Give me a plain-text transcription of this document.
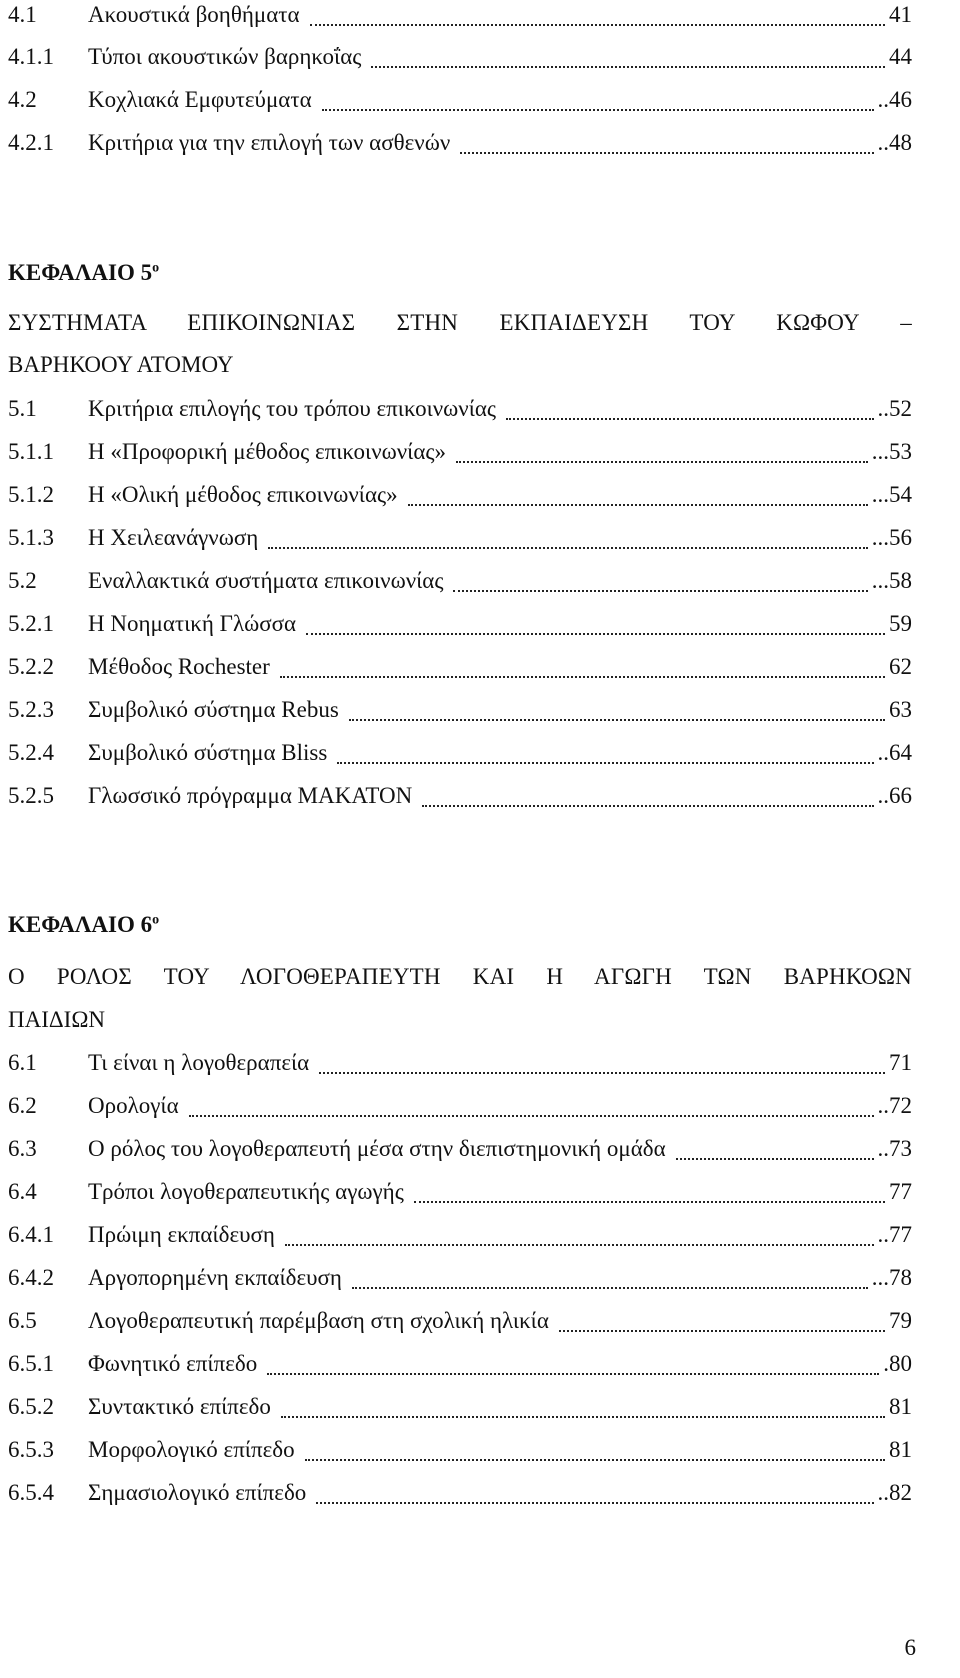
4.1	Ακουστικά βοηθήματα	41
4.1.1	Τύποι ακουστικών βαρηκοΐας	44
4.2	Κοχλιακά Εμφυτεύματα	..46
4.2.1	Κριτήρια για την επιλογή των ασθενών	..48
ΚΕΦΑΛΑΙΟ $5^o$
ΣΥΣΤΗΜΑΤΑ ΕΠΙΚΟΙΝΩΝΙΑΣ ΣΤΗΝ ΕΚΠΑΙΔΕΥΣΗ ΤΟΥ ΚΩΦΟΥ –
ΒΑΡΗΚΟΟΥ ΑΤΟΜΟΥ
5.1	Κριτήρια επιλογής του τρόπου επικοινωνίας	..52
5.1.1	Η «Προφορική μέθοδος επικοινωνίας»	...53
5.1.2	Η «Ολική μέθοδος επικοινωνίας»	...54
5.1.3	Η Χειλεανάγνωση	...56
5.2	Εναλλακτικά συστήματα επικοινωνίας	...58
5.2.1	Η Νοηματική Γλώσσα	59
5.2.2	Μέθοδος Rochester	62
5.2.3	Συμβολικό σύστημα Rebus	63
5.2.4	Συμβολικό σύστημα Bliss	..64
5.2.5	Γλωσσικό πρόγραμμα MAKATON	..66
ΚΕΦΑΛΑΙΟ $6^o$
Ο ΡΟΛΟΣ ΤΟΥ ΛΟΓΟΘΕΡΑΠΕΥΤΗ ΚΑΙ Η ΑΓΩΓΗ ΤΩΝ ΒΑΡΗΚΟΩΝ
ΠΑΙΔΙΩΝ
6.1	Τι είναι η λογοθεραπεία	71
6.2	Ορολογία	..72
6.3	Ο ρόλος του λογοθεραπευτή μέσα στην διεπιστημονική ομάδα	..73
6.4	Τρόποι λογοθεραπευτικής αγωγής	77
6.4.1	Πρώιμη εκπαίδευση	..77
6.4.2	Αργοπορημένη εκπαίδευση	...78
6.5	Λογοθεραπευτική παρέμβαση στη σχολική ηλικία	79
6.5.1	Φωνητικό επίπεδο	.80
6.5.2	Συντακτικό επίπεδο	81
6.5.3	Μορφολογικό επίπεδο	81
6.5.4	Σημασιολογικό επίπεδο	..82
6
